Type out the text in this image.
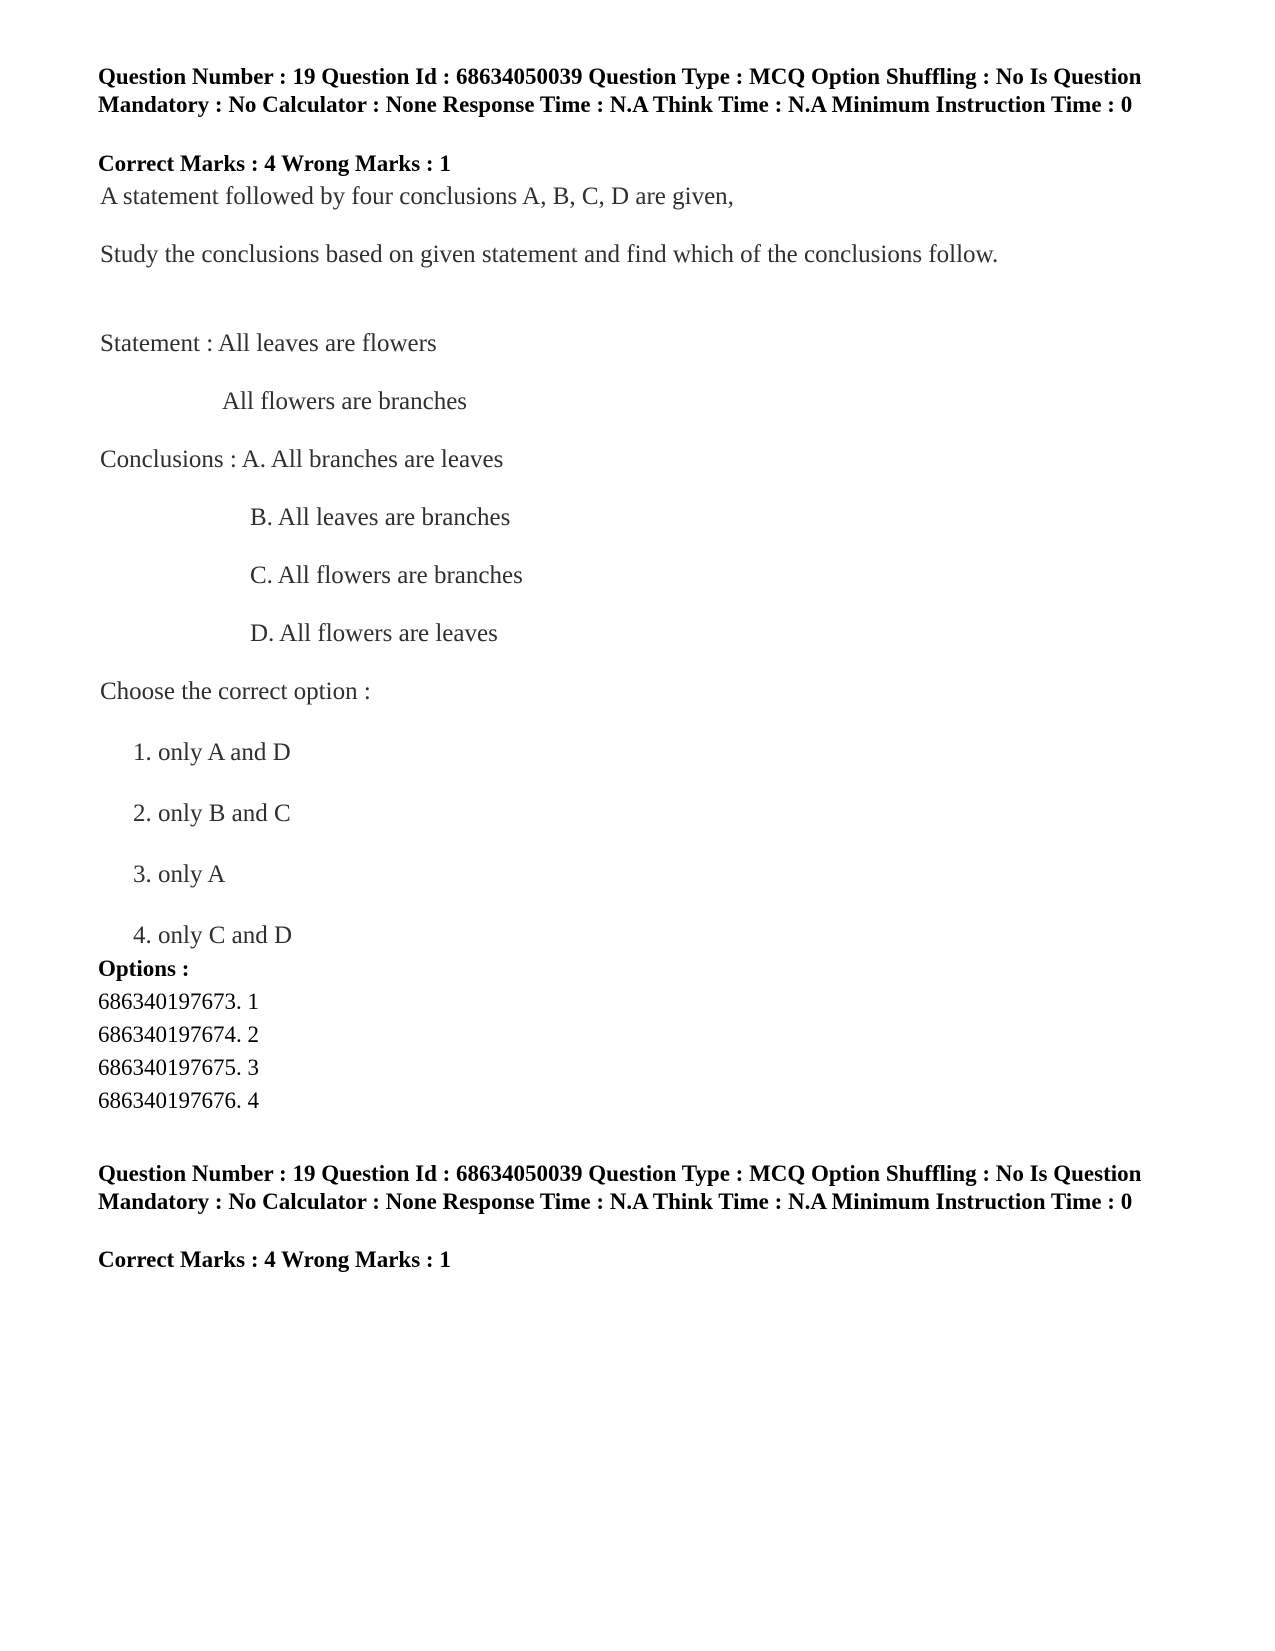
Question Number : 19 Question Id : 68634050039 Question Type : MCQ Option Shuffling : No Is Question Mandatory : No Calculator : None Response Time : N.A Think Time : N.A Minimum Instruction Time : 0

Correct Marks : 4 Wrong Marks : 1

A statement followed by four conclusions A, B, C, D are given,

Study the conclusions based on given statement and find which of the conclusions follow.

Statement : All leaves are flowers

All flowers are branches

Conclusions : A. All branches are leaves

B. All leaves are branches

C. All flowers are branches

D. All flowers are leaves

Choose the correct option :

1. only A and D

2. only B and C

3. only A

4. only C and D

Options :

686340197673. 1

686340197674. 2

686340197675. 3

686340197676. 4

Question Number : 19 Question Id : 68634050039 Question Type : MCQ Option Shuffling : No Is Question Mandatory : No Calculator : None Response Time : N.A Think Time : N.A Minimum Instruction Time : 0

Correct Marks : 4 Wrong Marks : 1
